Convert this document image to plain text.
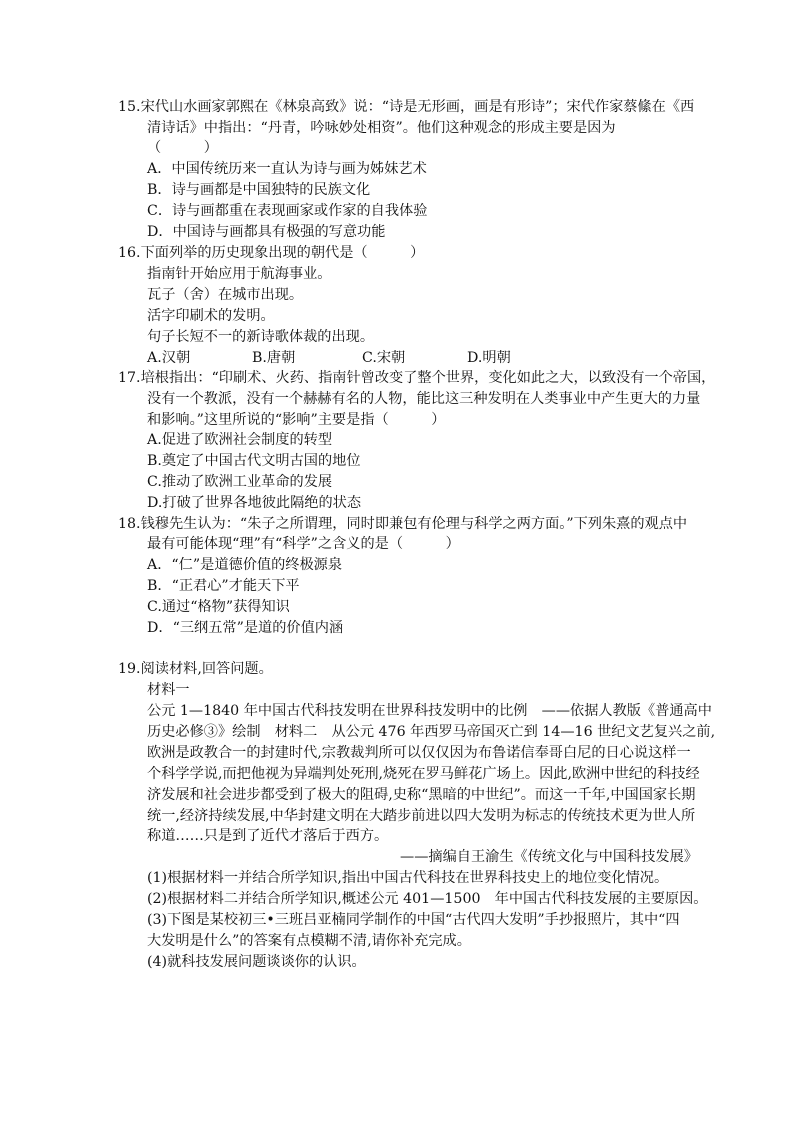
15.宋代山水画家郭熙在《林泉高致》说：“诗是无形画，画是有形诗”；宋代作家蔡絛在《西
清诗话》中指出：“丹青，吟咏妙处相资”。他们这种观念的形成主要是因为
（　　　）
A．中国传统历来一直认为诗与画为姊妹艺术
B．诗与画都是中国独特的民族文化
C．诗与画都重在表现画家或作家的自我体验
D．中国诗与画都具有极强的写意功能
16.下面列举的历史现象出现的朝代是（　　　）
指南针开始应用于航海事业。
瓦子（舍）在城市出现。
活字印刷术的发明。
句子长短不一的新诗歌体裁的出现。
A.汉朝	B.唐朝	C.宋朝	D.明朝
17.培根指出：“印刷术、火药、指南针曾改变了整个世界，变化如此之大，以致没有一个帝国，
没有一个教派，没有一个赫赫有名的人物，能比这三种发明在人类事业中产生更大的力量
和影响。”这里所说的“影响”主要是指（　　　）
A.促进了欧洲社会制度的转型
B.奠定了中国古代文明古国的地位
C.推动了欧洲工业革命的发展
D.打破了世界各地彼此隔绝的状态
18.钱穆先生认为：“朱子之所谓理，同时即兼包有伦理与科学之两方面。”下列朱熹的观点中
最有可能体现“理”有“科学”之含义的是（　　　）
A．“仁”是道德价值的终极源泉
B．“正君心”才能天下平
C.通过“格物”获得知识
D．“三纲五常”是道的价值内涵
19.阅读材料,回答问题。
材料一
公元 1—1840 年中国古代科技发明在世界科技发明中的比例　——依据人教版《普通高中
历史必修③》绘制　材料二　从公元 476 年西罗马帝国灭亡到 14—16 世纪文艺复兴之前,
欧洲是政教合一的封建时代,宗教裁判所可以仅仅因为布鲁诺信奉哥白尼的日心说这样一
个科学学说,而把他视为异端判处死刑,烧死在罗马鲜花广场上。因此,欧洲中世纪的科技经
济发展和社会进步都受到了极大的阻碍,史称“黑暗的中世纪”。而这一千年,中国国家长期
统一,经济持续发展,中华封建文明在大踏步前进以四大发明为标志的传统技术更为世人所
称道……只是到了近代才落后于西方。
——摘编自王渝生《传统文化与中国科技发展》
(1)根据材料一并结合所学知识,指出中国古代科技在世界科技史上的地位变化情况。
(2)根据材料二并结合所学知识,概述公元 401—1500　年中国古代科技发展的主要原因。
(3)下图是某校初三•三班吕亚楠同学制作的中国“古代四大发明”手抄报照片，其中“四
大发明是什么”的答案有点模糊不清,请你补充完成。
(4)就科技发展问题谈谈你的认识。
